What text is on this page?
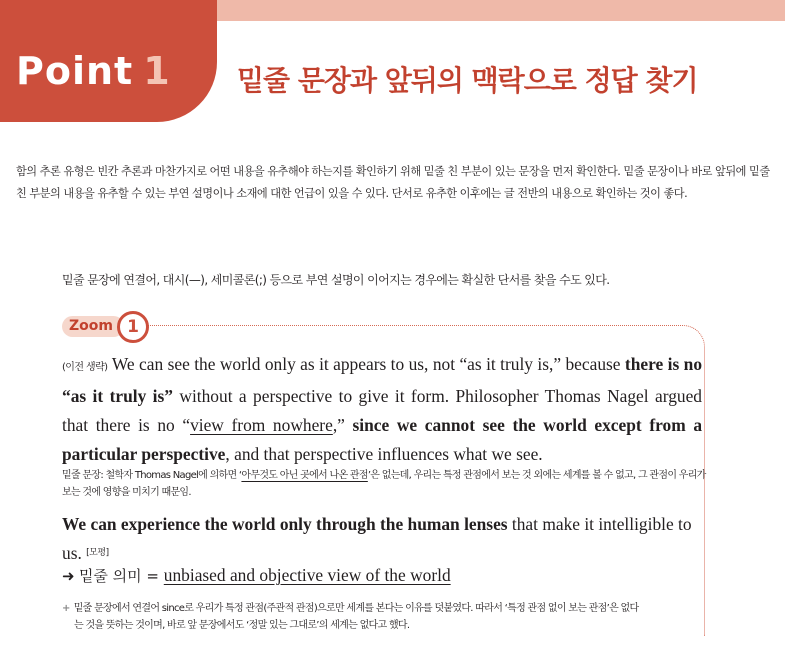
Point 1 밑줄 문장과 앞뒤의 맥락으로 정답 찾기
함의 추론 유형은 빈칸 추론과 마찬가지로 어떤 내용을 유추해야 하는지를 확인하기 위해 밑줄 친 부분이 있는 문장을 먼저 확인한다. 밑줄 문장이나 바로 앞뒤에 밑줄 친 부분의 내용을 유추할 수 있는 부연 설명이나 소재에 대한 언급이 있을 수 있다. 단서로 유추한 이후에는 글 전반의 내용으로 확인하는 것이 좋다.
밑줄 문장에 연결어, 대시(—), 세미콜론(;) 등으로 부연 설명이 이어지는 경우에는 확실한 단서를 찾을 수도 있다.
Zoom 1
(이전 생략) We can see the world only as it appears to us, not “as it truly is,” because there is no “as it truly is” without a perspective to give it form. Philosopher Thomas Nagel argued that there is no “view from nowhere,” since we cannot see the world except from a particular perspective, and that perspective influences what we see.
밑줄 문장: 철학자 Thomas Nagel에 의하면 ‘아무것도 아닌 곳에서 나온 관점’은 없는데, 우리는 특정 관점에서 보는 것 외에는 세계를 볼 수 없고, 그 관점이 우리가 보는 것에 영향을 미치기 때문임.
We can experience the world only through the human lenses that make it intelligible to us. [모평]
➜ 밑줄 의미 = unbiased and objective view of the world
+ 밑줄 문장에서 연결어 since로 우리가 특정 관점(주관적 관점)으로만 세계를 본다는 이유를 덧붙였다. 따라서 ‘특정 관점 없이 보는 관점’은 없다
는 것을 뜻하는 것이며, 바로 앞 문장에서도 ‘정말 있는 그대로’의 세계는 없다고 했다.
